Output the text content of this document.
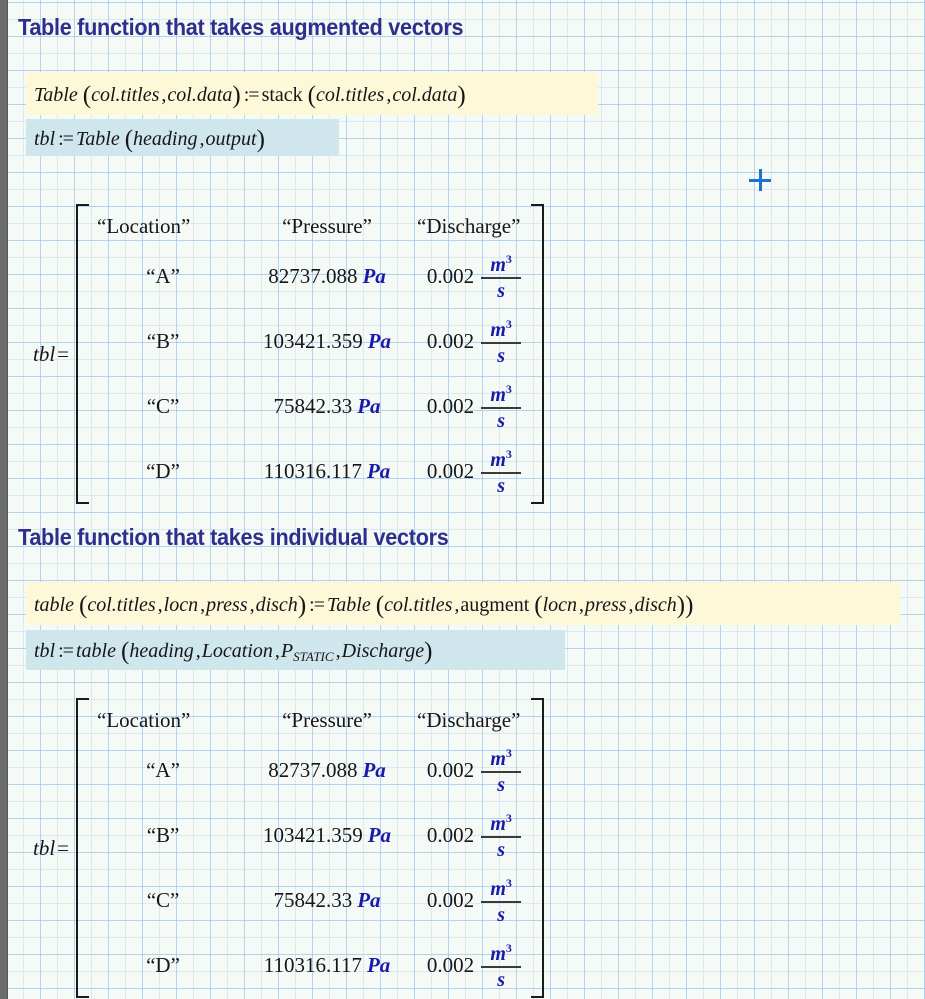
Table function that takes augmented vectors
Table (col.titles ,col.data) := stack (col.titles ,col.data)
tbl := Table (heading ,output)
tbl=
“Location”	“Pressure”	“Discharge”
“A”	82737.088 Pa	$0.002 \frac{m^3}{s}$

“B”	103421.359 Pa	$0.002 \frac{m^3}{s}$

“C”	75842.33 Pa	$0.002 \frac{m^3}{s}$

“D”	110316.117 Pa	$0.002 \frac{m^3}{s}$
Table function that takes individual vectors
table (col.titles ,locn ,press ,disch) := Table (col.titles ,augment (locn ,press ,disch))
tbl := table (heading ,Location $,P_{STATIC}$ ,Discharge)
tbl=
“Location”	“Pressure”	“Discharge”
“A”	82737.088 Pa	$0.002 \frac{m^3}{s}$

“B”	103421.359 Pa	$0.002 \frac{m^3}{s}$

“C”	75842.33 Pa	$0.002 \frac{m^3}{s}$

“D”	110316.117 Pa	$0.002 \frac{m^3}{s}$
